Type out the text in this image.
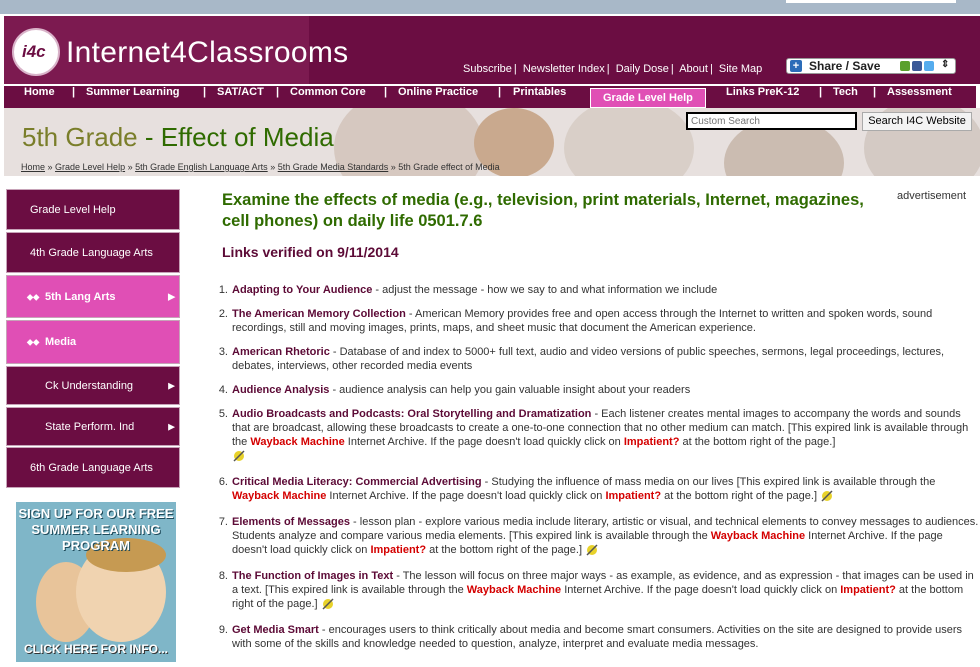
i4c Internet4Classrooms	Subscribe | Newsletter Index | Daily Dose | About | Site Map	+ Share / Save	⇕
Home | Summer Learning | SAT/ACT | Common Core | Online Practice | Printables	Grade Level Help	Links PreK-12 | Tech | Assessment
5th Grade - Effect of Media
Home » Grade Level Help » 5th Grade English Language Arts » 5th Grade Media Standards » 5th Grade effect of Media
Custom Search
Search I4C Website
Grade Level Help
4th Grade Language Arts
◆◆ 5th Lang Arts	▶
◆◆ Media
Ck Understanding	▶
State Perform. Ind	▶
6th Grade Language Arts
SIGN UP FOR OUR FREE SUMMER LEARNING PROGRAM
CLICK HERE FOR INFO...
Examine the effects of media (e.g., television, print materials, Internet, magazines, cell phones) on daily life 0501.7.6
advertisement
Links verified on 9/11/2014
1. Adapting to Your Audience - adjust the message - how we say to and what information we include
2. The American Memory Collection - American Memory provides free and open access through the Internet to written and spoken words, sound recordings, still and moving images, prints, maps, and sheet music that document the American experience.
3. American Rhetoric - Database of and index to 5000+ full text, audio and video versions of public speeches, sermons, legal proceedings, lectures, debates, interviews, other recorded media events
4. Audience Analysis - audience analysis can help you gain valuable insight about your readers
5. Audio Broadcasts and Podcasts: Oral Storytelling and Dramatization - Each listener creates mental images to accompany the words and sounds that are broadcast, allowing these broadcasts to create a one-to-one connection that no other medium can match. [This expired link is available through the Wayback Machine Internet Archive. If the page doesn't load quickly click on Impatient? at the bottom right of the page.]

6. Critical Media Literacy: Commercial Advertising - Studying the influence of mass media on our lives [This expired link is available through the Wayback Machine Internet Archive. If the page doesn't load quickly click on Impatient? at the bottom right of the page.]
7. Elements of Messages - lesson plan - explore various media include literary, artistic or visual, and technical elements to convey messages to audiences. Students analyze and compare various media elements. [This expired link is available through the Wayback Machine Internet Archive. If the page doesn't load quickly click on Impatient? at the bottom right of the page.]
8. The Function of Images in Text - The lesson will focus on three major ways - as example, as evidence, and as expression - that images can be used in a text. [This expired link is available through the Wayback Machine Internet Archive. If the page doesn't load quickly click on Impatient? at the bottom right of the page.]
9. Get Media Smart - encourages users to think critically about media and become smart consumers. Activities on the site are designed to provide users with some of the skills and knowledge needed to question, analyze, interpret and evaluate media messages.
